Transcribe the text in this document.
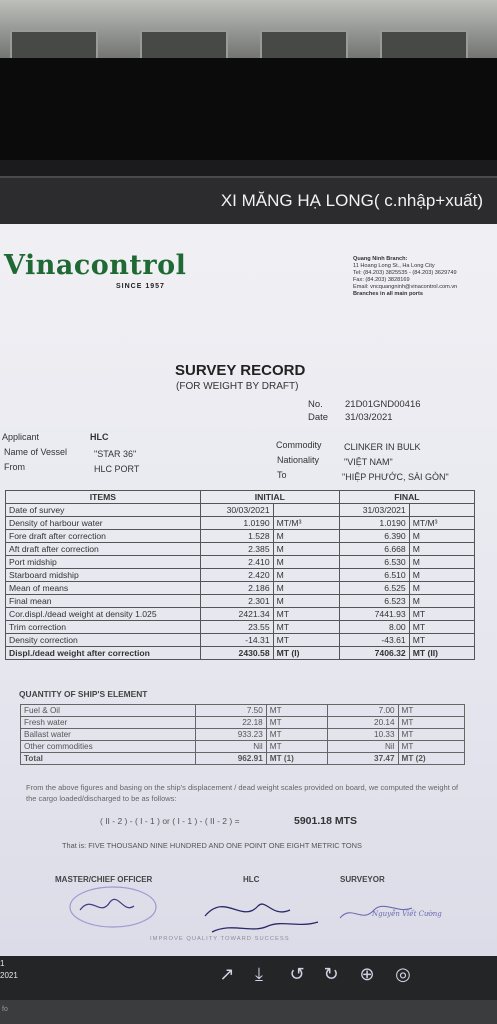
XI MĂNG HẠ LONG( c.nhập+xuất)
Vinacontrol
SINCE 1957
Quang Ninh Branch:
11 Hoang Long St., Ha Long City
Tel: (84.203) 3825535 - (84.203) 3629749
Fax: (84.203) 3828169
Email: vncquangninh@vinacontrol.com.vn
Branches in all main ports
SURVEY RECORD
(FOR WEIGHT BY DRAFT)
No. 21D01GND00416
Date 31/03/2021
Applicant	HLC
Name of Vessel	"STAR 36"
From	HLC PORT
Commodity CLINKER IN BULK
Nationality	"VIỆT NAM"
To	"HIỆP PHƯỚC, SÀI GÒN"
ITEMS	INITIAL		FINAL	
Date of survey	30/03/2021		31/03/2021	
Density of harbour water	1.0190	MT/M³	1.0190	MT/M³
Fore draft after correction	1.528	M	6.390	M
Aft draft after correction	2.385	M	6.668	M
Port midship	2.410	M	6.530	M
Starboard midship	2.420	M	6.510	M
Mean of means	2.186	M	6.525	M
Final mean	2.301	M	6.523	M
Cor.displ./dead weight at density 1.025	2421.34	MT	7441.93	MT
Trim correction	23.55	MT	8.00	MT
Density correction	-14.31	MT	-43.61	MT
Displ./dead weight after correction	2430.58	MT (I)	7406.32	MT (II)
QUANTITY OF SHIP'S ELEMENT
Fuel & Oil	7.50	MT	7.00	MT
Fresh water	22.18	MT	20.14	MT
Ballast water	933.23	MT	10.33	MT
Other commodities	Nil	MT	Nil	MT
Total	962.91	MT (1)	37.47	MT (2)
From the above figures and basing on the ship's displacement / dead weight scales provided on board, we computed the weight of the cargo loaded/discharged to be as follows:
( II - 2 ) - ( I - 1 ) or ( I - 1 ) - ( II - 2 ) =	5901.18 MTS
That is: FIVE THOUSAND NINE HUNDRED AND ONE POINT ONE EIGHT METRIC TONS
MASTER/CHIEF OFFICER	HLC	SURVEYOR
Nguyễn Viết Cường
IMPROVE QUALITY TOWARD SUCCESS
1
2021	↗	⤓	↺	↻	⊕	◎
fo
